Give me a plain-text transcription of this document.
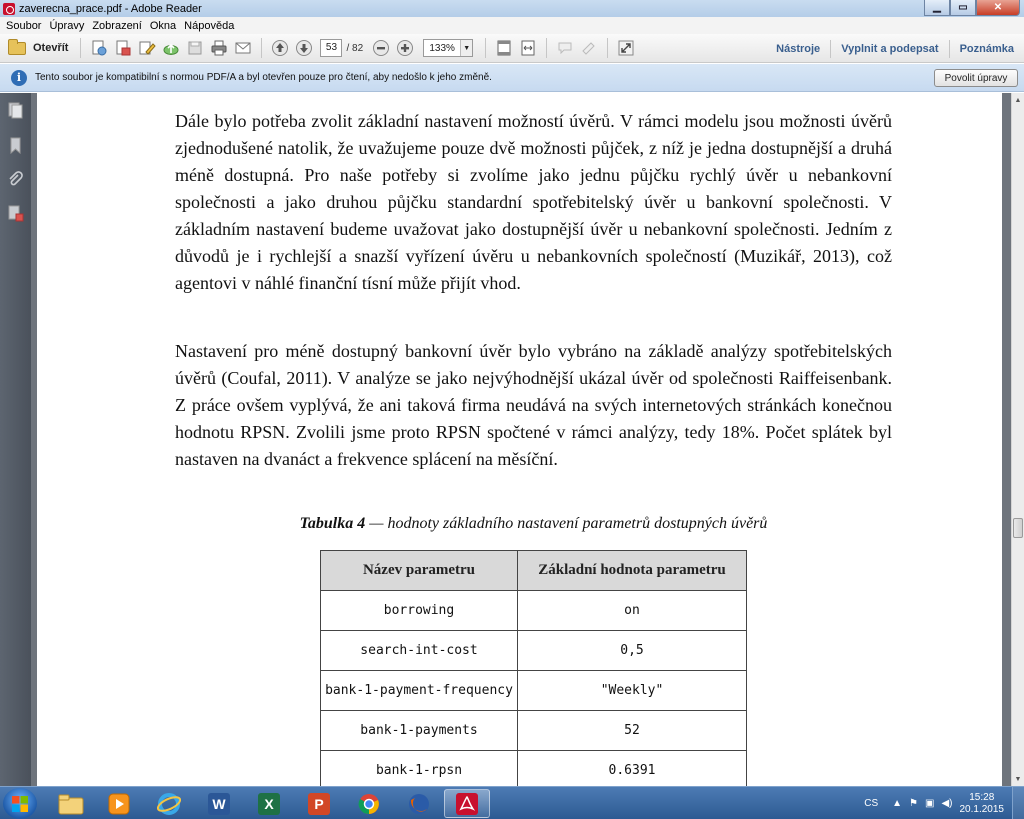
zaverecna_prace.pdf - Adobe Reader	▁	▭	✕
Soubor Úpravy Zobrazení Okna Nápověda
Otevřít	53 / 82	133%	▼	Nástroje	Vyplnit a podepsat	Poznámka
i	Tento soubor je kompatibilní s normou PDF/A a byl otevřen pouze pro čtení, aby nedošlo k jeho změně.	Povolit úpravy

Dále bylo potřeba zvolit základní nastavení možností úvěrů. V rámci modelu jsou možnosti úvěrů zjednodušené natolik, že uvažujeme pouze dvě možnosti půjček, z níž je jedna dostupnější a druhá méně dostupná. Pro naše potřeby si zvolíme jako jednu půjčku rychlý úvěr u nebankovní společnosti a jako druhou půjčku standardní spotřebitelský úvěr u bankovní společnosti. V základním nastavení budeme uvažovat jako dostupnější úvěr u nebankovní společnosti. Jedním z důvodů je i rychlejší a snazší vyřízení úvěru u nebankovních společností (Muzikář, 2013), což agentovi v náhlé finanční tísní může přijít vhod.

Nastavení pro méně dostupný bankovní úvěr bylo vybráno na základě analýzy spotřebitelských úvěrů (Coufal, 2011). V analýze se jako nejvýhodnější ukázal úvěr od společnosti Raiffeisenbank. Z práce ovšem vyplývá, že ani taková firma neudává na svých internetových stránkách konečnou hodnotu RPSN. Zvolili jsme proto RPSN spočtené v rámci analýzy, tedy 18%. Počet splátek byl nastaven na dvanáct a frekvence splácení na měsíční.

Tabulka 4 — hodnoty základního nastavení parametrů dostupných úvěrů
Název parametru	Základní hodnota parametru
borrowing	on
search-int-cost	0,5
bank-1-payment-frequency	"Weekly"
bank-1-payments	52
bank-1-rpsn	0.6391
▲
▼
W	X	P	CS ▲ ⚑ ▣ ◀)
15:28
20.1.2015
